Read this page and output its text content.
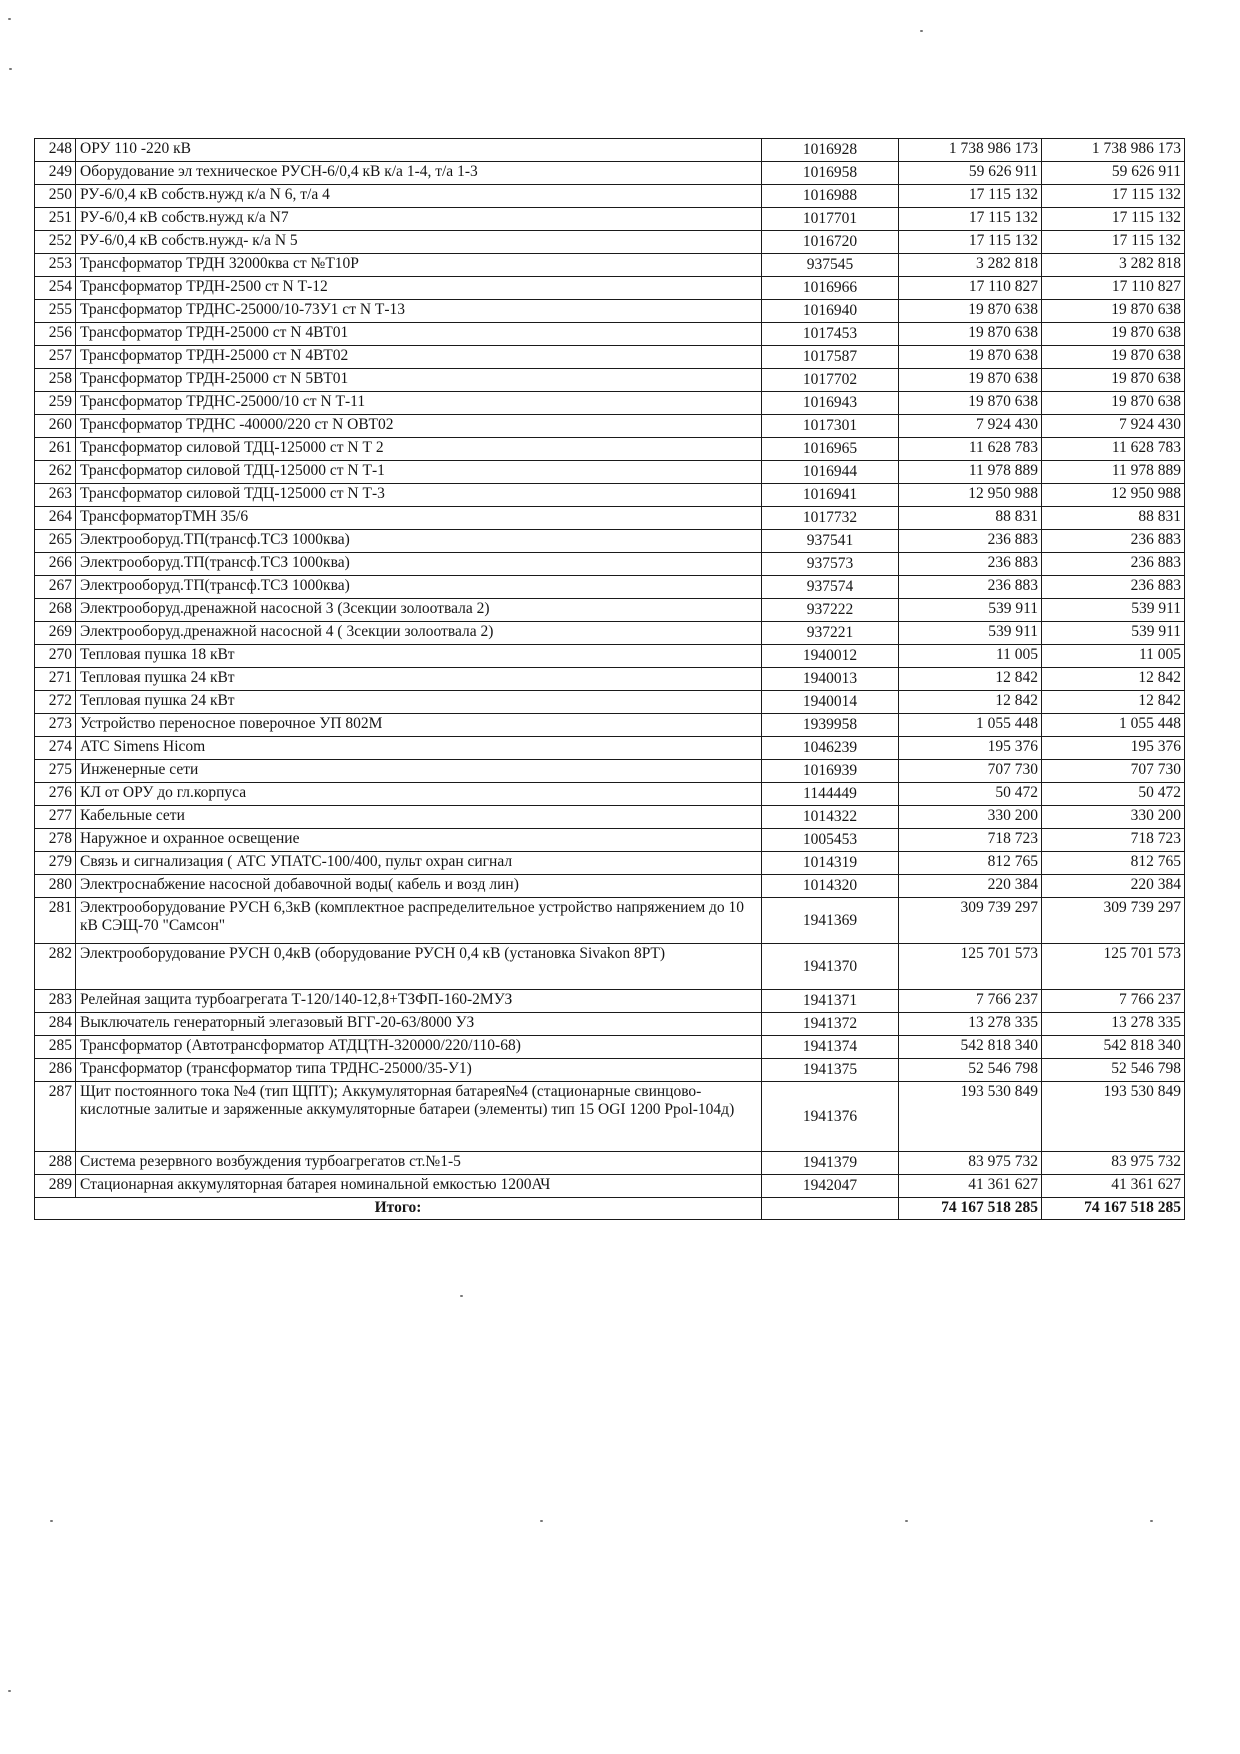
248	ОРУ 110 -220 кВ	1016928	1 738 986 173	1 738 986 173
249	Оборудование эл техническое РУСН-6/0,4 кВ к/а 1-4, т/а 1-3	1016958	59 626 911	59 626 911
250	РУ-6/0,4 кВ собств.нужд к/а N 6, т/а 4	1016988	17 115 132	17 115 132
251	РУ-6/0,4 кВ собств.нужд к/а N7	1017701	17 115 132	17 115 132
252	РУ-6/0,4 кВ собств.нужд- к/а N 5	1016720	17 115 132	17 115 132
253	Трансформатор ТРДН 32000ква ст №Т10Р	937545	3 282 818	3 282 818
254	Трансформатор ТРДН-2500 ст N Т-12	1016966	17 110 827	17 110 827
255	Трансформатор ТРДНС-25000/10-73У1 ст N Т-13	1016940	19 870 638	19 870 638
256	Трансформатор ТРДН-25000 ст N 4ВТ01	1017453	19 870 638	19 870 638
257	Трансформатор ТРДН-25000 ст N 4ВТ02	1017587	19 870 638	19 870 638
258	Трансформатор ТРДН-25000 ст N 5ВТ01	1017702	19 870 638	19 870 638
259	Трансформатор ТРДНС-25000/10 ст N Т-11	1016943	19 870 638	19 870 638
260	Трансформатор ТРДНС -40000/220 ст N ОВТ02	1017301	7 924 430	7 924 430
261	Трансформатор силовой ТДЦ-125000 ст N Т 2	1016965	11 628 783	11 628 783
262	Трансформатор силовой ТДЦ-125000 ст N Т-1	1016944	11 978 889	11 978 889
263	Трансформатор силовой ТДЦ-125000 ст N Т-3	1016941	12 950 988	12 950 988
264	ТрансформаторТМН 35/6	1017732	88 831	88 831
265	Электрооборуд.ТП(трансф.ТСЗ 1000ква)	937541	236 883	236 883
266	Электрооборуд.ТП(трансф.ТСЗ 1000ква)	937573	236 883	236 883
267	Электрооборуд.ТП(трансф.ТСЗ 1000ква)	937574	236 883	236 883
268	Электрооборуд.дренажной насосной 3 (3секции золоотвала 2)	937222	539 911	539 911
269	Электрооборуд.дренажной насосной 4 ( 3секции золоотвала 2)	937221	539 911	539 911
270	Тепловая пушка 18 кВт	1940012	11 005	11 005
271	Тепловая пушка 24 кВт	1940013	12 842	12 842
272	Тепловая пушка 24 кВт	1940014	12 842	12 842
273	Устройство переносное поверочное УП 802М	1939958	1 055 448	1 055 448
274	АТС Simens Hicom	1046239	195 376	195 376
275	Инженерные сети	1016939	707 730	707 730
276	КЛ от ОРУ до гл.корпуса	1144449	50 472	50 472
277	Кабельные сети	1014322	330 200	330 200
278	Наружное и охранное освещение	1005453	718 723	718 723
279	Связь и сигнализация ( АТС УПАТС-100/400, пульт охран сигнал	1014319	812 765	812 765
280	Электроснабжение насосной добавочной воды( кабель и возд лин)	1014320	220 384	220 384
281	Электрооборудование РУСН 6,3кВ (комплектное распределительное устройство напряжением до 10 кВ СЭЩ-70 "Самсон"	1941369	309 739 297	309 739 297
282	Электрооборудование РУСН 0,4кВ (оборудование РУСН 0,4 кВ (установка Sivakon 8PT)	1941370	125 701 573	125 701 573
283	Релейная защита турбоагрегата Т-120/140-12,8+ТЗФП-160-2МУЗ	1941371	7 766 237	7 766 237
284	Выключатель генераторный элегазовый ВГГ-20-63/8000 УЗ	1941372	13 278 335	13 278 335
285	Трансформатор (Автотрансформатор АТДЦТН-320000/220/110-68)	1941374	542 818 340	542 818 340
286	Трансформатор (трансформатор типа ТРДНС-25000/35-У1)	1941375	52 546 798	52 546 798
287	Щит постоянного тока №4 (тип ЩПТ); Аккумуляторная батарея№4 (стационарные свинцово-кислотные залитые и заряженные аккумуляторные батареи (элементы) тип 15 OGI 1200 Ppol-104д)	1941376	193 530 849	193 530 849
288	Система резервного возбуждения турбоагрегатов ст.№1-5	1941379	83 975 732	83 975 732
289	Стационарная аккумуляторная батарея номинальной емкостью 1200АЧ	1942047	41 361 627	41 361 627
Итого:			74 167 518 285	74 167 518 285
